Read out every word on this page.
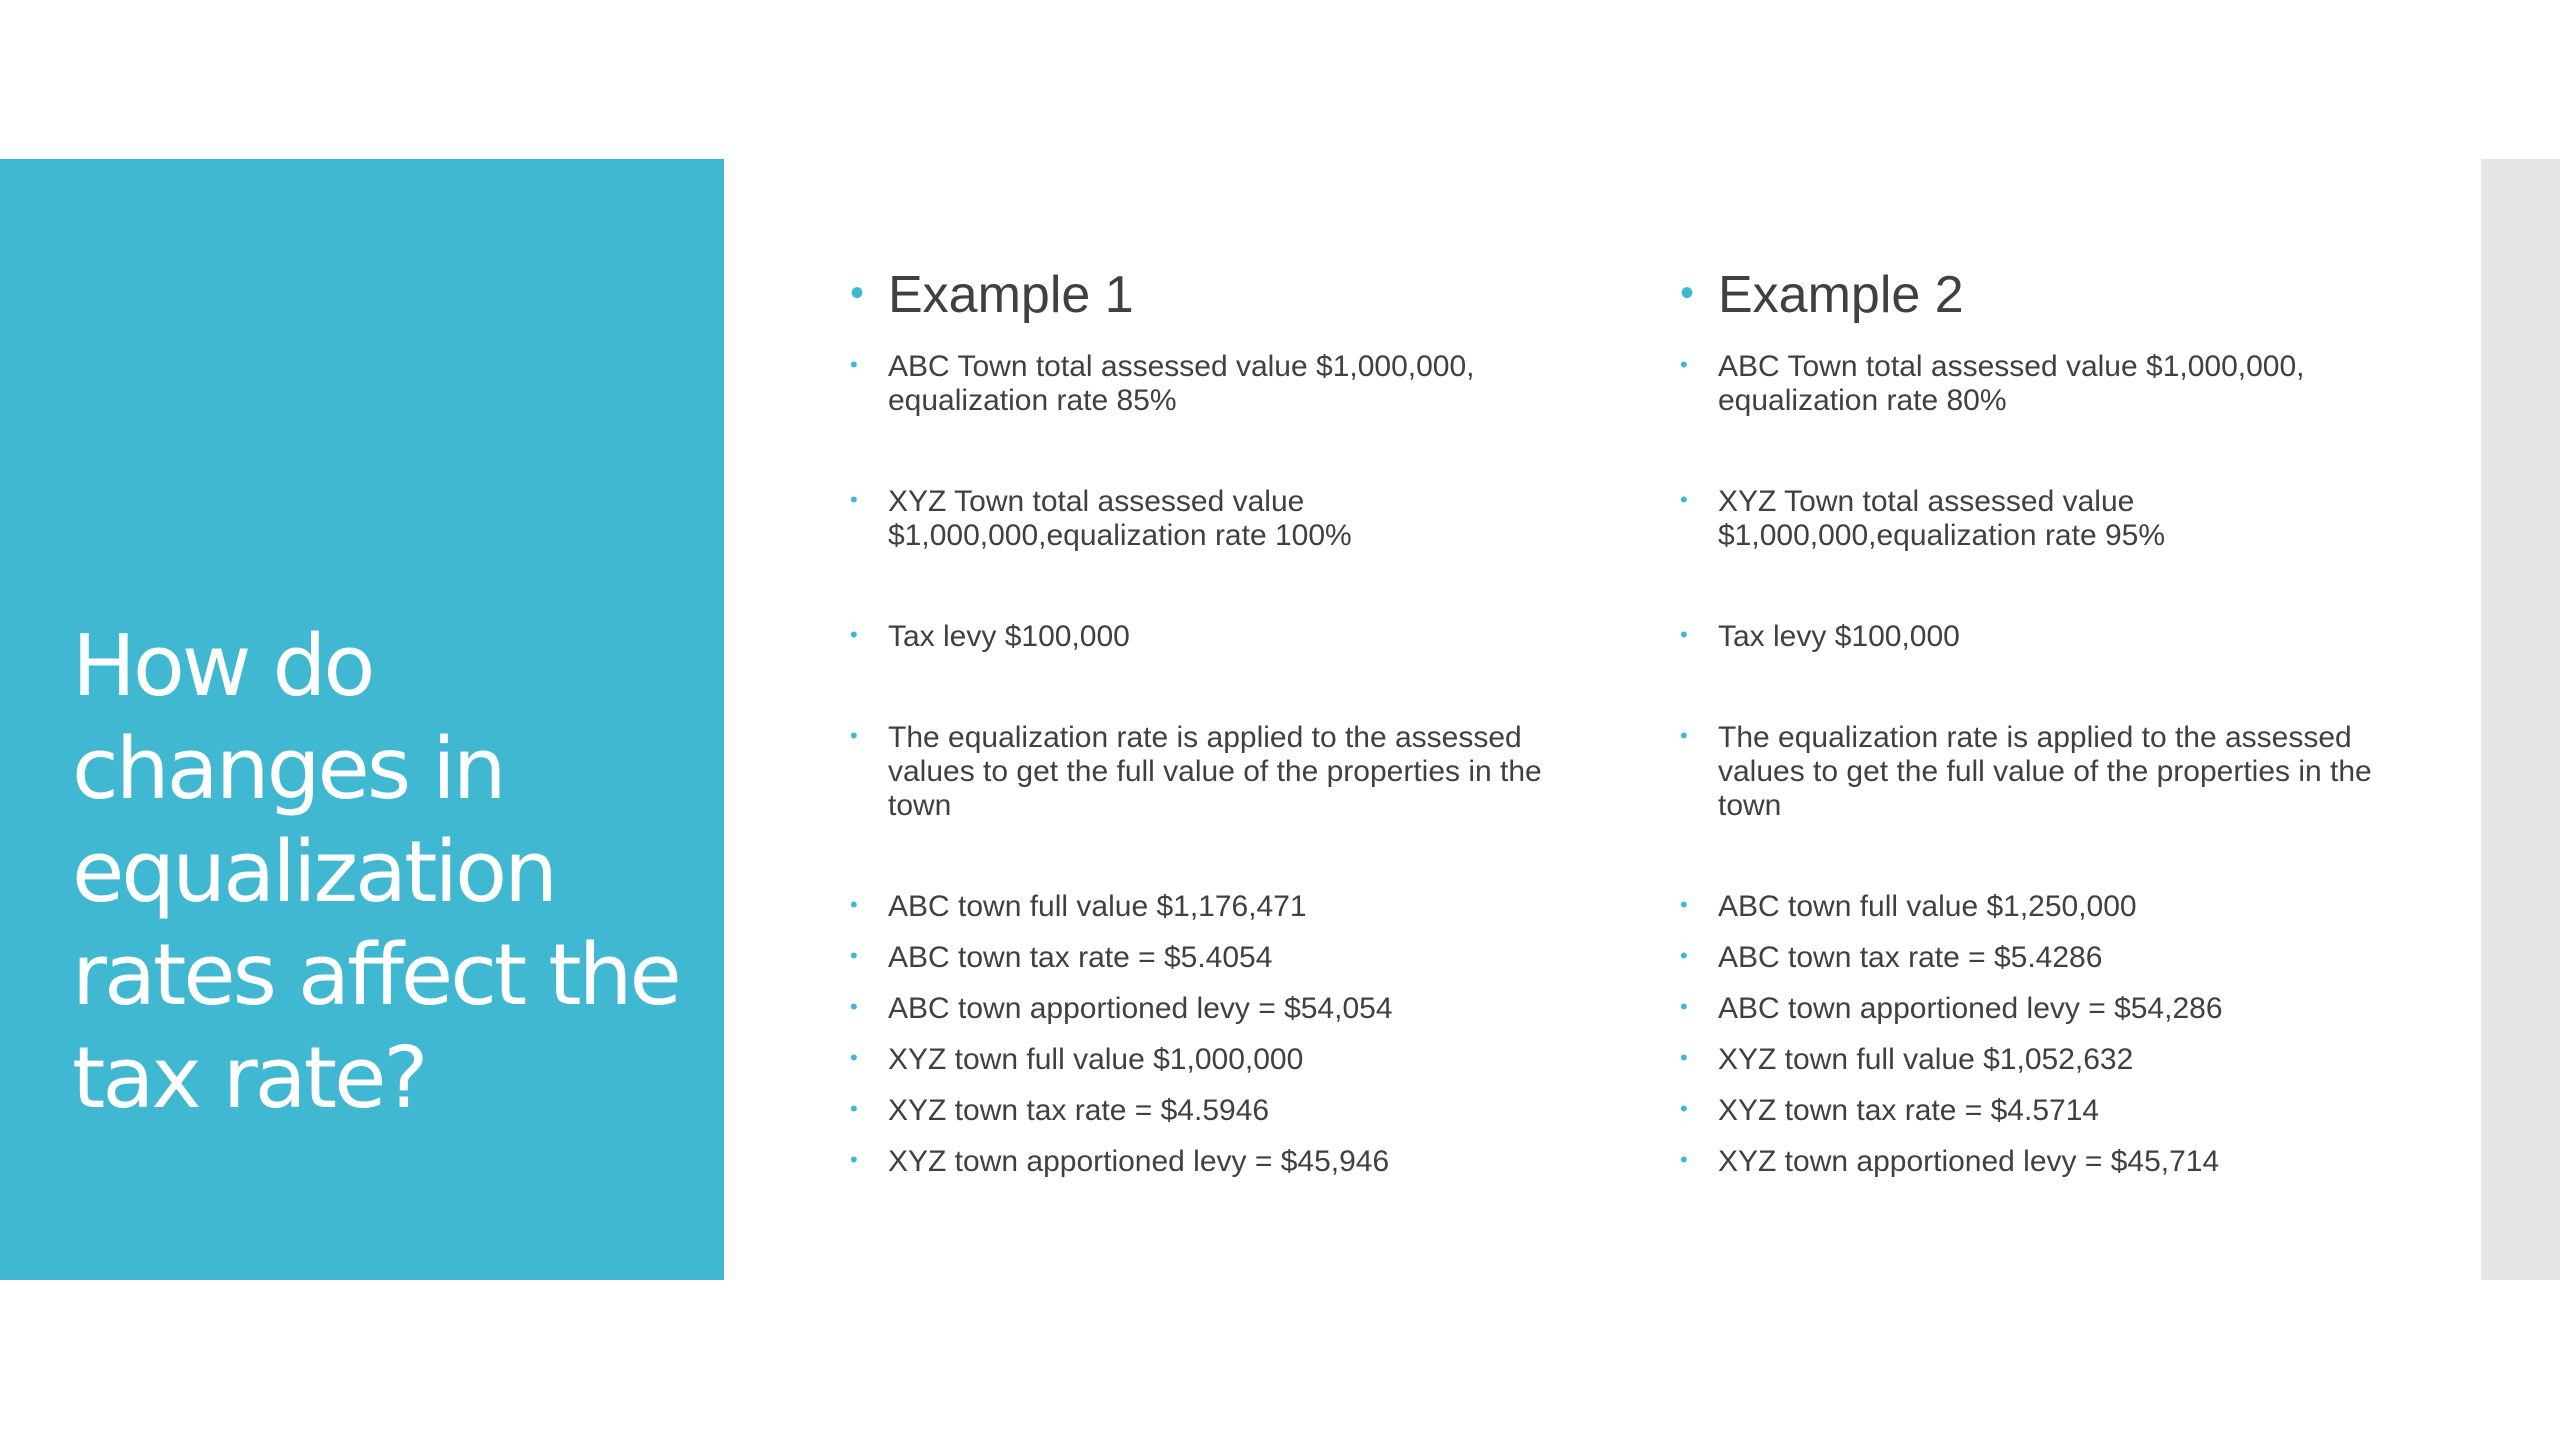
How do changes in equalization rates affect the tax rate?
• Example 1
• ABC Town total assessed value $1,000,000, equalization rate 85%
• XYZ Town total assessed value $1,000,000,equalization rate 100%
• Tax levy $100,000
• The equalization rate is applied to the assessed values to get the full value of the properties in the town
• ABC town full value $1,176,471
• ABC town tax rate = $5.4054
• ABC town apportioned levy = $54,054
• XYZ town full value $1,000,000
• XYZ town tax rate = $4.5946
• XYZ town apportioned levy = $45,946
• Example 2
• ABC Town total assessed value $1,000,000, equalization rate 80%
• XYZ Town total assessed value $1,000,000,equalization rate 95%
• Tax levy $100,000
• The equalization rate is applied to the assessed values to get the full value of the properties in the town
• ABC town full value $1,250,000
• ABC town tax rate = $5.4286
• ABC town apportioned levy = $54,286
• XYZ town full value $1,052,632
• XYZ town tax rate = $4.5714
• XYZ town apportioned levy = $45,714
